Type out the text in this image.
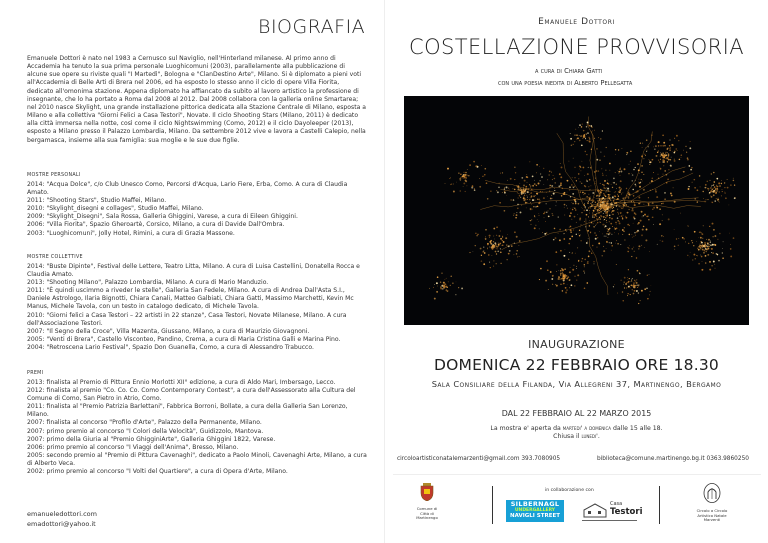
BIOGRAFIA
Emanuele Dottori è nato nel 1983 a Cernusco sul Naviglio, nell'Hinterland milanese. Al primo anno di Accademia ha tenuto la sua prima personale Luoghicomuni (2003), parallelamente alla pubblicazione di alcune sue opere su riviste quali "I Martedì", Bologna e "ClanDestino Arte", Milano. Si è diplomato a pieni voti all'Accademia di Belle Arti di Brera nel 2006, ed ha esposto lo stesso anno il ciclo di opere Villa Fiorita, dedicato all'omonima stazione. Appena diplomato ha affiancato da subito al lavoro artistico la professione di insegnante, che lo ha portato a Roma dal 2008 al 2012. Dal 2008 collabora con la galleria online Smartarea; nel 2010 nasce Skylight, una grande installazione pittorica dedicata alla Stazione Centrale di Milano, esposta a Milano e alla collettiva "Giorni Felici a Casa Testori", Novate. Il ciclo Shooting Stars (Milano, 2011) è dedicato alla città immersa nella notte, così come il ciclo Nightswimming (Como, 2012) e il ciclo Dayoleeper (2013), esposto a Milano presso il Palazzo Lombardia, Milano. Da settembre 2012 vive e lavora a Castelli Calepio, nella bergamasca, insieme alla sua famiglia: sua moglie e le sue due figlie.
MOSTRE PERSONALI
2014: "Acqua Dolce", c/o Club Unesco Como, Percorsi d'Acqua, Lario Fiere, Erba, Como. A cura di Claudia Amato.
2011: "Shooting Stars", Studio Maffei, Milano.
2010: "Skylight_disegni e collages", Studio Maffei, Milano.
2009: "Skylight_Disegni", Sala Rossa, Galleria Ghiggini, Varese, a cura di Eileen Ghiggini.
2006: "Villa Fiorita", Spazio Gheroartè, Corsico, Milano, a cura di Davide Dall'Ombra.
2003: "Luoghicomuni", Jolly Hotel, Rimini, a cura di Grazia Massone.
MOSTRE COLLETTIVE
2014: "Buste Dipinte", Festival delle Lettere, Teatro Litta, Milano. A cura di Luisa Castellini, Donatella Rocca e Claudia Amato.
2013: "Shooting Milano", Palazzo Lombardia, Milano. A cura di Mario Manduzio.
2011: "È quindi uscimmo a riveder le stelle", Galleria San Fedele, Milano. A cura di Andrea Dall'Asta S.I., Daniele Astrologo, Ilaria Bignotti, Chiara Canali, Matteo Galbiati, Chiara Gatti, Massimo Marchetti, Kevin Mc Manus, Michele Tavola, con un testo in catalogo dedicato, di Michele Tavola.
2010: "Giorni felici a Casa Testori – 22 artisti in 22 stanze", Casa Testori, Novate Milanese, Milano. A cura dell'Associazione Testori.
2007: "Il Segno della Croce", Villa Mazenta, Giussano, Milano, a cura di Maurizio Giovagnoni.
2005: "Venti di Brera", Castello Visconteo, Pandino, Crema, a cura di Maria Cristina Galli e Marina Pino.
2004: "Retroscena Lario Festival", Spazio Don Guanella, Como, a cura di Alessandro Trabucco.
PREMI
2013: finalista al Premio di Pittura Ennio Morlotti XII° edizione, a cura di Aldo Mari, Imbersago, Lecco.
2012: finalista al premio "Co. Co. Co. Como Contemporary Contest", a cura dell'Assessorato alla Cultura del Comune di Como, San Pietro in Atrio, Como.
2011: finalista al "Premio Patrizia Barlettani", Fabbrica Borroni, Bollate, a cura della Galleria San Lorenzo, Milano.
2007: finalista al concorso "Profilo d'Arte", Palazzo della Permanente, Milano.
2007: primo premio al concorso "I Colori della Velocità", Guidizzolo, Mantova.
2007: primo della Giuria al "Premio GhigginiArte", Galleria Ghiggini 1822, Varese.
2006: primo premio al concorso "I Viaggi dell'Anima", Bresso, Milano.
2005: secondo premio al "Premio di Pittura Cavenaghi", dedicato a Paolo Minoli, Cavenaghi Arte, Milano, a cura di Alberto Veca.
2002: primo premio al concorso "I Volti del Quartiere", a cura di Opera d'Arte, Milano.
emanueledottori.com
emadottori@yahoo.it
Emanuele Dottori
COSTELLAZIONE PROVVISORIA
a cura di Chiara Gatti
con una poesia inedita di Alberto Pellegatta
INAUGURAZIONE
DOMENICA 22 FEBBRAIO ORE 18.30
Sala Consiliare della Filanda, Via Allegreni 37, Martinengo, Bergamo
DAL 22 FEBBRAIO AL 22 MARZO 2015
La mostra e' aperta da martedi' a domenica dalle 15 alle 18.
Chiusa il lunedi'.
circoloartisticonatalemarzenti@gmail.com 393.7080905	biblioteca@comune.martinengo.bg.it 0363.9860250
Comune di
Città di Martinengo
in collaborazione con
SILBERNAGL
UNDERGALLERY
NAVIGLI STREET
Casa
Testori	Circolo a Circolo
Artistico Natale Marzenti
